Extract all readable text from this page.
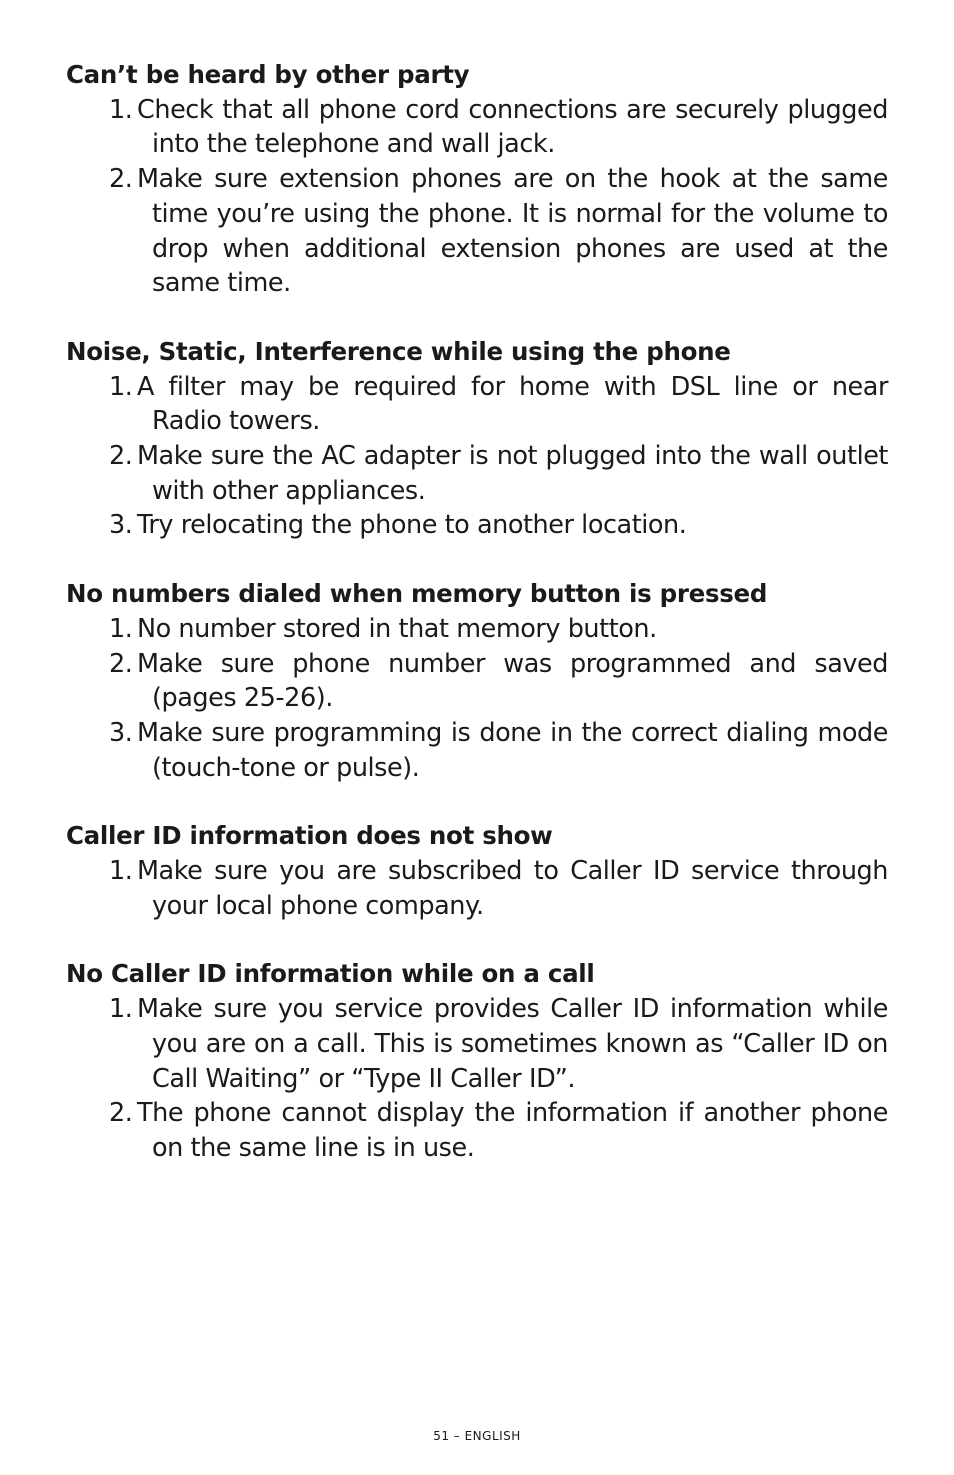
Can’t be heard by other party
1. Check that all phone cord connections are securely plugged into the telephone and wall jack.
2. Make sure extension phones are on the hook at the same time you’re using the phone. It is normal for the volume to drop when additional extension phones are used at the same time.
Noise, Static, Interference while using the phone
1. A filter may be required for home with DSL line or near Radio towers.
2. Make sure the AC adapter is not plugged into the wall outlet with other appliances.
3. Try relocating the phone to another location.
No numbers dialed when memory button is pressed
1. No number stored in that memory button.
2. Make sure phone number was programmed and saved (pages 25-26).
3. Make sure programming is done in the correct dialing mode (touch-tone or pulse).
Caller ID information does not show
1. Make sure you are subscribed to Caller ID service through your local phone company.
No Caller ID information while on a call
1. Make sure you service provides Caller ID information while you are on a call. This is sometimes known as “Caller ID on Call Waiting” or “Type II Caller ID”.
2. The phone cannot display the information if another phone on the same line is in use.
51 – ENGLISH
